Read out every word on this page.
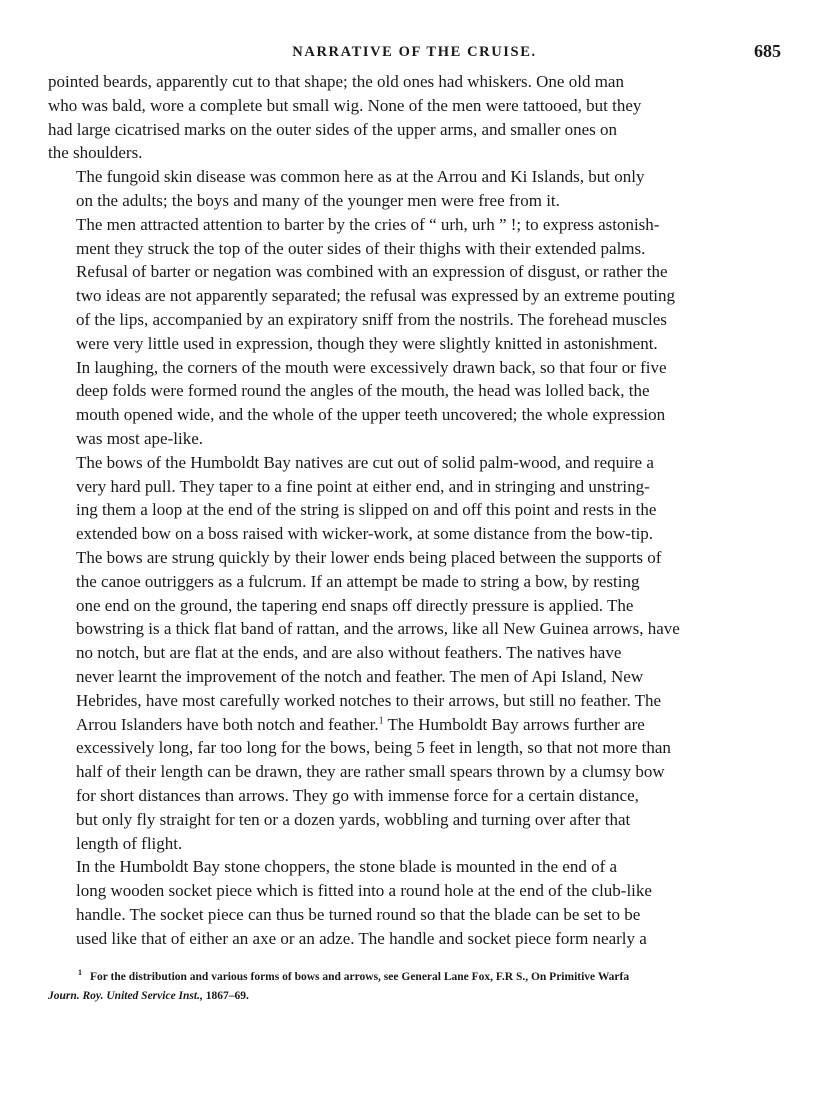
NARRATIVE OF THE CRUISE.	685

pointed beards, apparently cut to that shape; the old ones had whiskers. One old man
who was bald, wore a complete but small wig. None of the men were tattooed, but they
had large cicatrised marks on the outer sides of the upper arms, and smaller ones on
the shoulders.

The fungoid skin disease was common here as at the Arrou and Ki Islands, but only
on the adults; the boys and many of the younger men were free from it.

The men attracted attention to barter by the cries of “ urh, urh ” !; to express astonish-
ment they struck the top of the outer sides of their thighs with their extended palms.
Refusal of barter or negation was combined with an expression of disgust, or rather the
two ideas are not apparently separated; the refusal was expressed by an extreme pouting
of the lips, accompanied by an expiratory sniff from the nostrils. The forehead muscles
were very little used in expression, though they were slightly knitted in astonishment.
In laughing, the corners of the mouth were excessively drawn back, so that four or five
deep folds were formed round the angles of the mouth, the head was lolled back, the
mouth opened wide, and the whole of the upper teeth uncovered; the whole expression
was most ape-like.

The bows of the Humboldt Bay natives are cut out of solid palm-wood, and require a
very hard pull. They taper to a fine point at either end, and in stringing and unstring-
ing them a loop at the end of the string is slipped on and off this point and rests in the
extended bow on a boss raised with wicker-work, at some distance from the bow-tip.
The bows are strung quickly by their lower ends being placed between the supports of
the canoe outriggers as a fulcrum. If an attempt be made to string a bow, by resting
one end on the ground, the tapering end snaps off directly pressure is applied. The
bowstring is a thick flat band of rattan, and the arrows, like all New Guinea arrows, have
no notch, but are flat at the ends, and are also without feathers. The natives have
never learnt the improvement of the notch and feather. The men of Api Island, New
Hebrides, have most carefully worked notches to their arrows, but still no feather. The
Arrou Islanders have both notch and feather.$^1$ The Humboldt Bay arrows further are
excessively long, far too long for the bows, being 5 feet in length, so that not more than
half of their length can be drawn, they are rather small spears thrown by a clumsy bow
for short distances than arrows. They go with immense force for a certain distance,
but only fly straight for ten or a dozen yards, wobbling and turning over after that
length of flight.

In the Humboldt Bay stone choppers, the stone blade is mounted in the end of a
long wooden socket piece which is fitted into a round hole at the end of the club-like
handle. The socket piece can thus be turned round so that the blade can be set to be
used like that of either an axe or an adze. The handle and socket piece form nearly a

$^1$ For the distribution and various forms of bows and arrows, see General Lane Fox, F.R S., On Primitive Warfa
Journ. Roy. United Service Inst., 1867–69.
